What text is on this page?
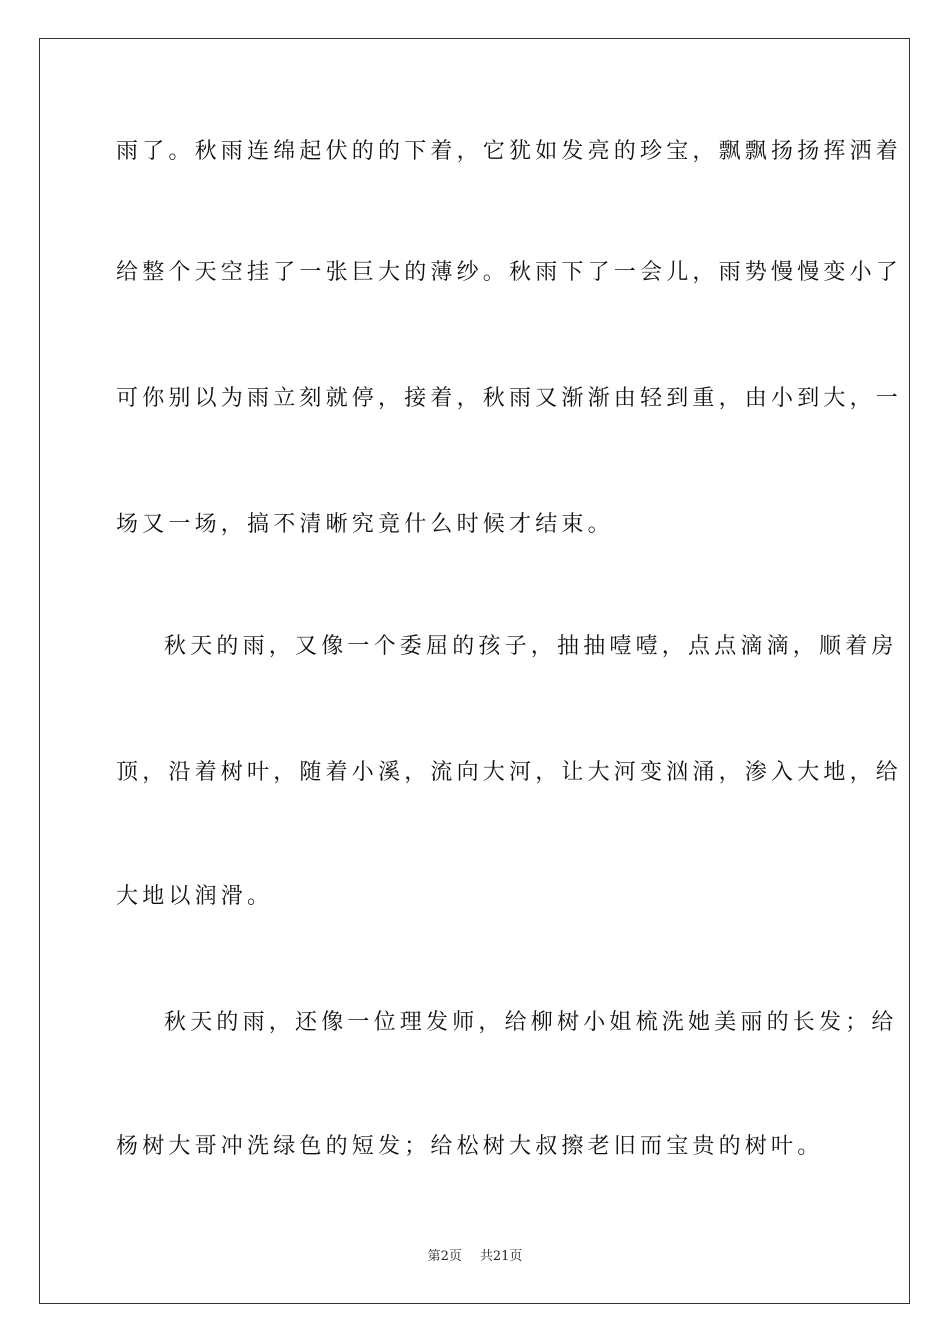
雨了。秋雨连绵起伏的的下着，它犹如发亮的珍宝，飘飘扬扬挥洒着
给整个天空挂了一张巨大的薄纱。秋雨下了一会儿，雨势慢慢变小了
可你别以为雨立刻就停，接着，秋雨又渐渐由轻到重，由小到大，一
场又一场，搞不清晰究竟什么时候才结束。
秋天的雨，又像一个委屈的孩子，抽抽噎噎，点点滴滴，顺着房
顶，沿着树叶，随着小溪，流向大河，让大河变汹涌，渗入大地，给
大地以润滑。
秋天的雨，还像一位理发师，给柳树小姐梳洗她美丽的长发；给
杨树大哥冲洗绿色的短发；给松树大叔擦老旧而宝贵的树叶。
第2页 共21页
